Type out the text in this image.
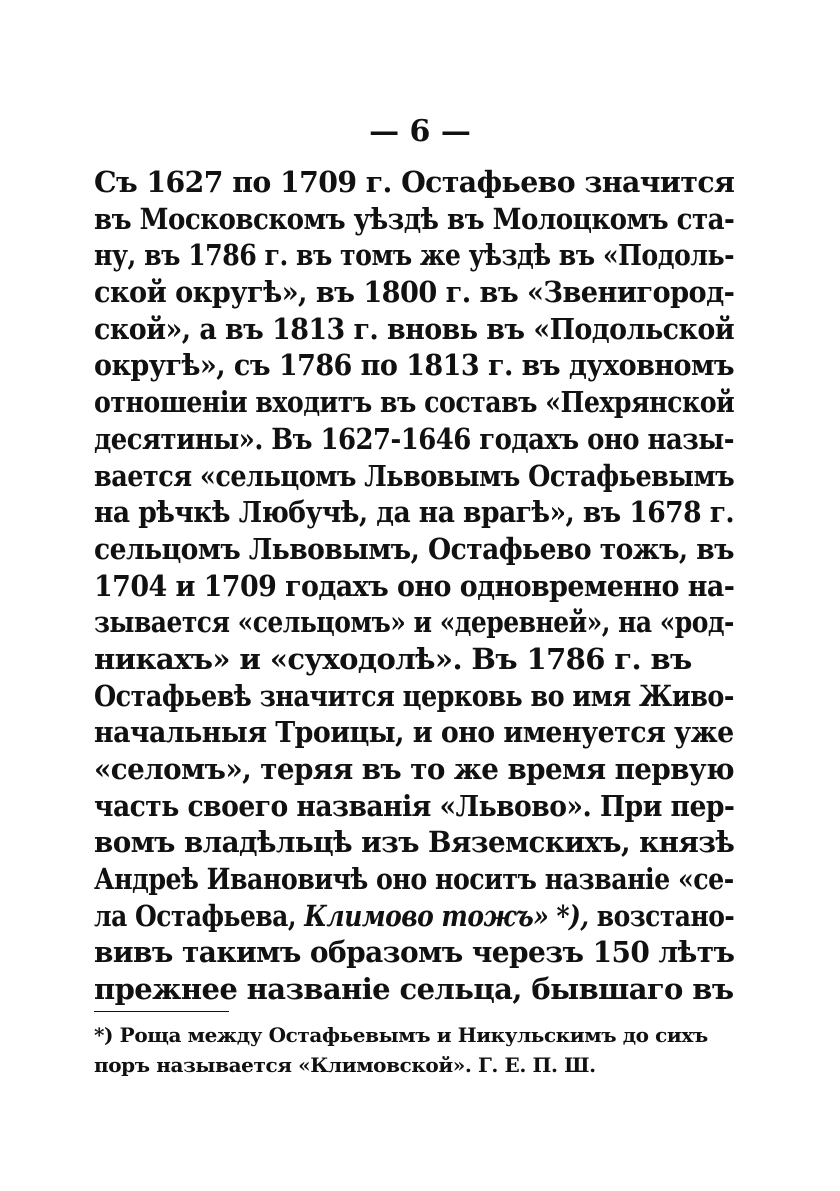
— 6 —
Съ 1627 по 1709 г. Остафьево значится
въ Московскомъ уѣздѣ въ Молоцкомъ ста-
ну, въ 1786 г. въ томъ же уѣздѣ въ «Подоль-
ской округѣ», въ 1800 г. въ «Звенигород-
ской», а въ 1813 г. вновь въ «Подольской
округѣ», съ 1786 по 1813 г. въ духовномъ
отношеніи входитъ въ составъ «Пехрянской
десятины». Въ 1627-1646 годахъ оно назы-
вается «сельцомъ Львовымъ Остафьевымъ
на рѣчкѣ Любучѣ, да на врагѣ», въ 1678 г.
сельцомъ Львовымъ, Остафьево тожъ, въ
1704 и 1709 годахъ оно одновременно на-
зывается «сельцомъ» и «деревней», на «род-
никахъ» и «суходолѣ». Въ 1786 г. въ
Остафьевѣ значится церковь во имя Живо-
начальныя Троицы, и оно именуется уже
«селомъ», теряя въ то же время первую
часть своего названія «Львово». При пер-
вомъ владѣльцѣ изъ Вяземскихъ, князѣ
Андреѣ Ивановичѣ оно носитъ названіе «се-
ла Остафьева, Климово тожъ» *), возстано-
вивъ такимъ образомъ черезъ 150 лѣтъ
прежнее названіе сельца, бывшаго въ
*) Роща между Остафьевымъ и Никульскимъ до сихъ
поръ называется «Климовской». Г. Е. П. Ш.
